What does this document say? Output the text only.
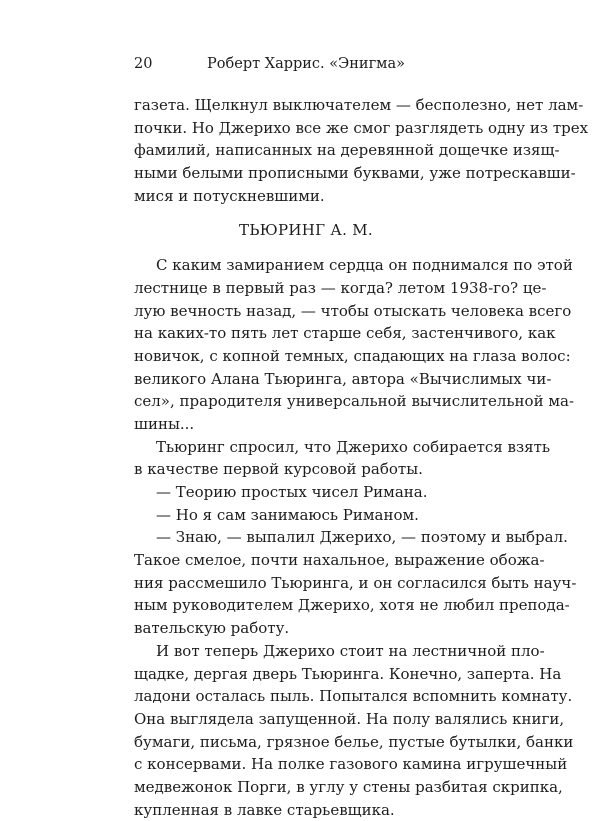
20	Роберт Харрис. «Энигма»
газета. Щелкнул выключателем — бесполезно, нет лам-
почки. Но Джерихо все же смог разглядеть одну из трех
фамилий, написанных на деревянной дощечке изящ-
ными белыми прописными буквами, уже потрескавши-
мися и потускневшими.
ТЬЮРИНГ А. М.
С каким замиранием сердца он поднимался по этой
лестнице в первый раз — когда? летом 1938-го? це-
лую вечность назад, — чтобы отыскать человека всего
на каких-то пять лет старше себя, застенчивого, как
новичок, с копной темных, спадающих на глаза волос:
великого Алана Тьюринга, автора «Вычислимых чи-
сел», прародителя универсальной вычислительной ма-
шины...
Тьюринг спросил, что Джерихо собирается взять
в качестве первой курсовой работы.
— Теорию простых чисел Римана.
— Но я сам занимаюсь Риманом.
— Знаю, — выпалил Джерихо, — поэтому и выбрал.
Такое смелое, почти нахальное, выражение обожа-
ния рассмешило Тьюринга, и он согласился быть науч-
ным руководителем Джерихо, хотя не любил препода-
вательскую работу.
И вот теперь Джерихо стоит на лестничной пло-
щадке, дергая дверь Тьюринга. Конечно, заперта. На
ладони осталась пыль. Попытался вспомнить комнату.
Она выглядела запущенной. На полу валялись книги,
бумаги, письма, грязное белье, пустые бутылки, банки
с консервами. На полке газового камина игрушечный
медвежонок Порги, в углу у стены разбитая скрипка,
купленная в лавке старьевщика.
